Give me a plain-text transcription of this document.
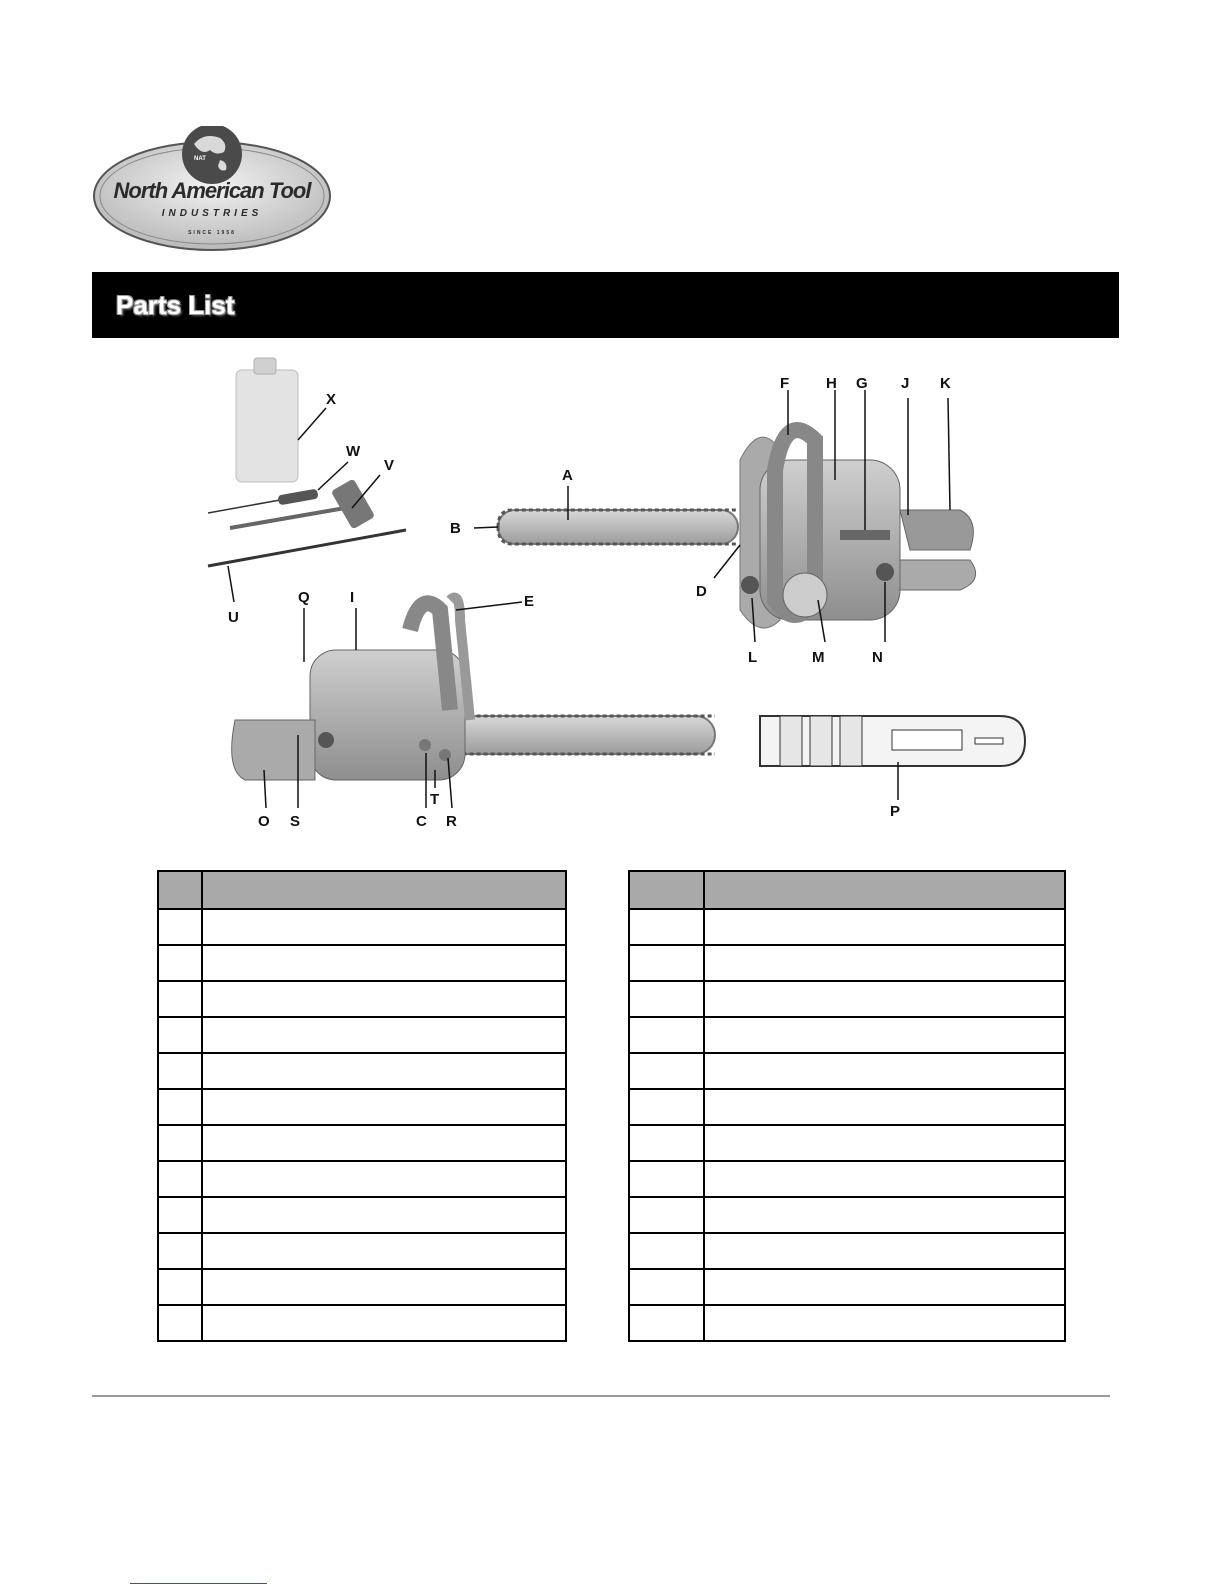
NAT
North American Tool
INDUSTRIES
SINCE 1958
Parts List
X
W
V
U
A
B
D
F H G J K
L	M	N
Q	I	E
O S	C
T
R
P
